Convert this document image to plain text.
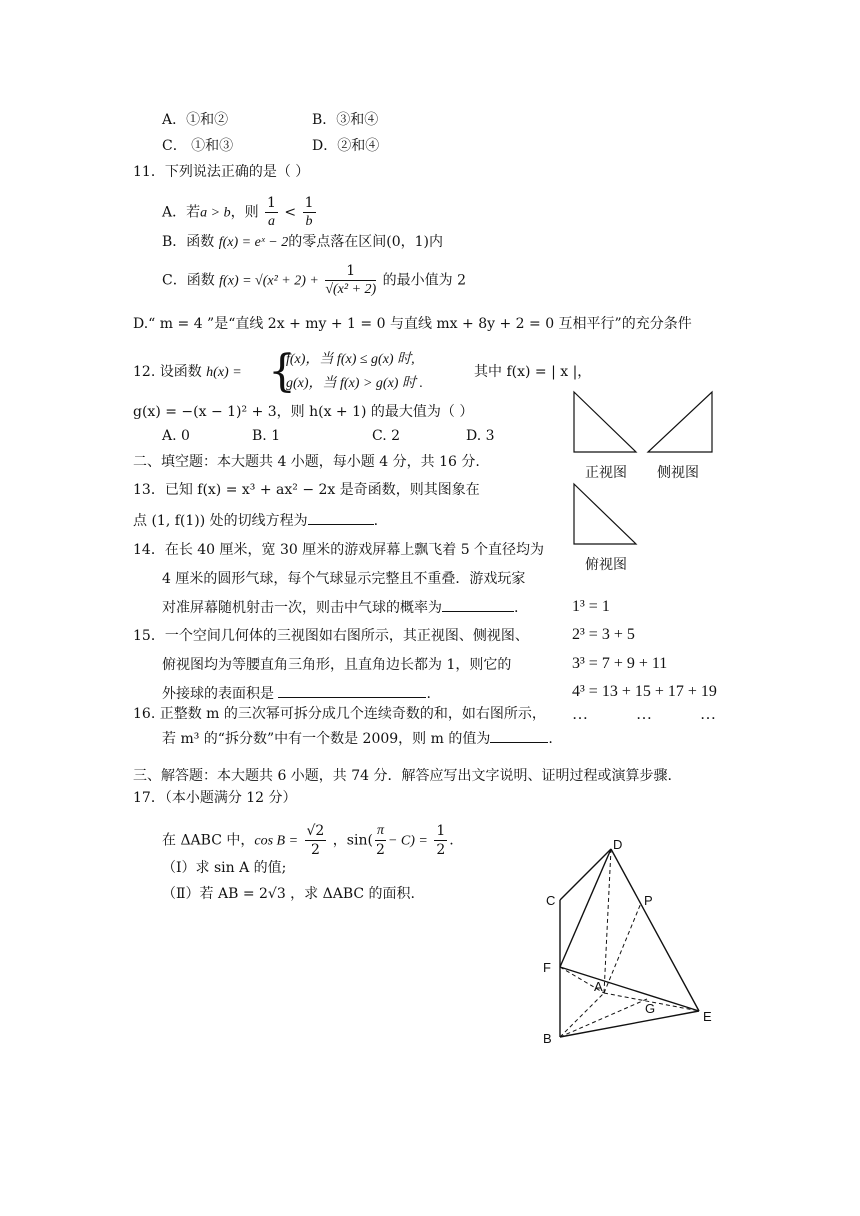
A．①和②	B．③和④
C． ①和③	D．②和④
11．下列说法正确的是（ ）
A．若a > b，则 $\frac{1}{a} < \frac{1}{b}$
B．函数 f(x) = eˣ − 2的零点落在区间(0，1)内
C．函数 $f(x) = √(x^2 + 2) + \frac{1}{\text{√(x² + 2)}}$ 的最小值为 2
D.“ m = 4 ”是“直线 2x + my + 1 = 0 与直线 mx + 8y + 2 = 0 互相平行”的充分条件
12. 设函数 h(x) = {
f(x)，当 f(x) ≤ g(x) 时,
g(x)，当 f(x) > g(x) 时 .
其中 f(x) = | x |，
g(x) = −(x − 1)² + 3，则 h(x + 1) 的最大值为（ ）
A. 0	B. 1	C. 2	D. 3
二、填空题：本大题共 4 小题，每小题 4 分，共 16 分.
13．已知 f(x) = x³ + ax² − 2x 是奇函数，则其图象在
点 (1, f(1)) 处的切线方程为	.
14．在长 40 厘米，宽 30 厘米的游戏屏幕上飘飞着 5 个直径均为
4 厘米的圆形气球，每个气球显示完整且不重叠．游戏玩家
对准屏幕随机射击一次，则击中气球的概率为	.
15．一个空间几何体的三视图如右图所示，其正视图、侧视图、
俯视图均为等腰直角三角形，且直角边长都为 1，则它的
外接球的表面积是	.
16. 正整数 m 的三次幂可拆分成几个连续奇数的和，如右图所示，
若 m³ 的“拆分数”中有一个数是 2009，则 m 的值为	.
正视图 侧视图
俯视图
1³ = 1
2³ = 3 + 5
3³ = 7 + 9 + 11
4³ = 13 + 15 + 17 + 19
…	…	…
三、解答题：本大题共 6 小题，共 74 分．解答应写出文字说明、证明过程或演算步骤.
17．（本小题满分 12 分）
在 ΔABC 中，$\cos B = \frac{√2}{2}$ ，$\sin( \frac{\pi}{2} - C) = \frac{1}{2}$ .
（Ⅰ）求 sin A 的值;
（Ⅱ）若 AB = 2√3 ，求 ΔABC 的面积.
D
C	P
F
A
G
E
B
